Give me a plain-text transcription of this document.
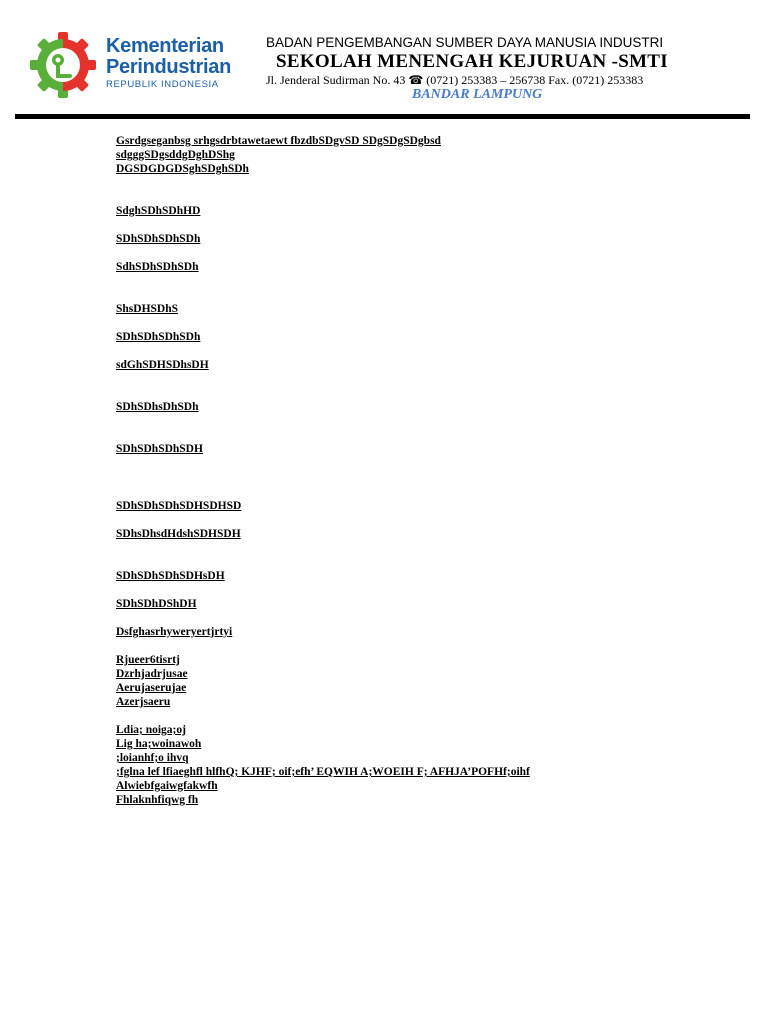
Kementerian
Perindustrian
REPUBLIK INDONESIA
BADAN PENGEMBANGAN SUMBER DAYA MANUSIA INDUSTRI
SEKOLAH MENENGAH KEJURUAN -SMTI
Jl. Jenderal Sudirman No. 43 ☎ (0721) 253383 – 256738 Fax. (0721) 253383
BANDAR LAMPUNG
Gsrdgseganbsg srhgsdrbtawetaewt fbzdbSDgvSD SDgSDgSDgbsd
sdgggSDgsddgDghDShg
DGSDGDGDSghSDghSDh
SdghSDhSDhHD
SDhSDhSDhSDh
SdhSDhSDhSDh
ShsDHSDhS
SDhSDhSDhSDh
sdGhSDHSDhsDH
SDhSDhsDhSDh
SDhSDhSDhSDH
SDhSDhSDhSDHSDHSD
SDhsDhsdHdshSDHSDH
SDhSDhSDhSDHsDH
SDhSDhDShDH
Dsfghasrhyweryertjrtyi
Rjueer6tisrtj
Dzrhjadrjusae
Aerujaserujae
Azerjsaeru
Ldia; noiga;oj
Lig ha;woinawoh
;loianhf;o ihvq
;fglna lef lfiaeghfl hlfhQ; KJHF; oif;efh’ EQWIH A;WOEIH F; AFHJA’POFHf;oihf
Alwiebfgaiwgfakwfh
Fhlaknhfiqwg fh
